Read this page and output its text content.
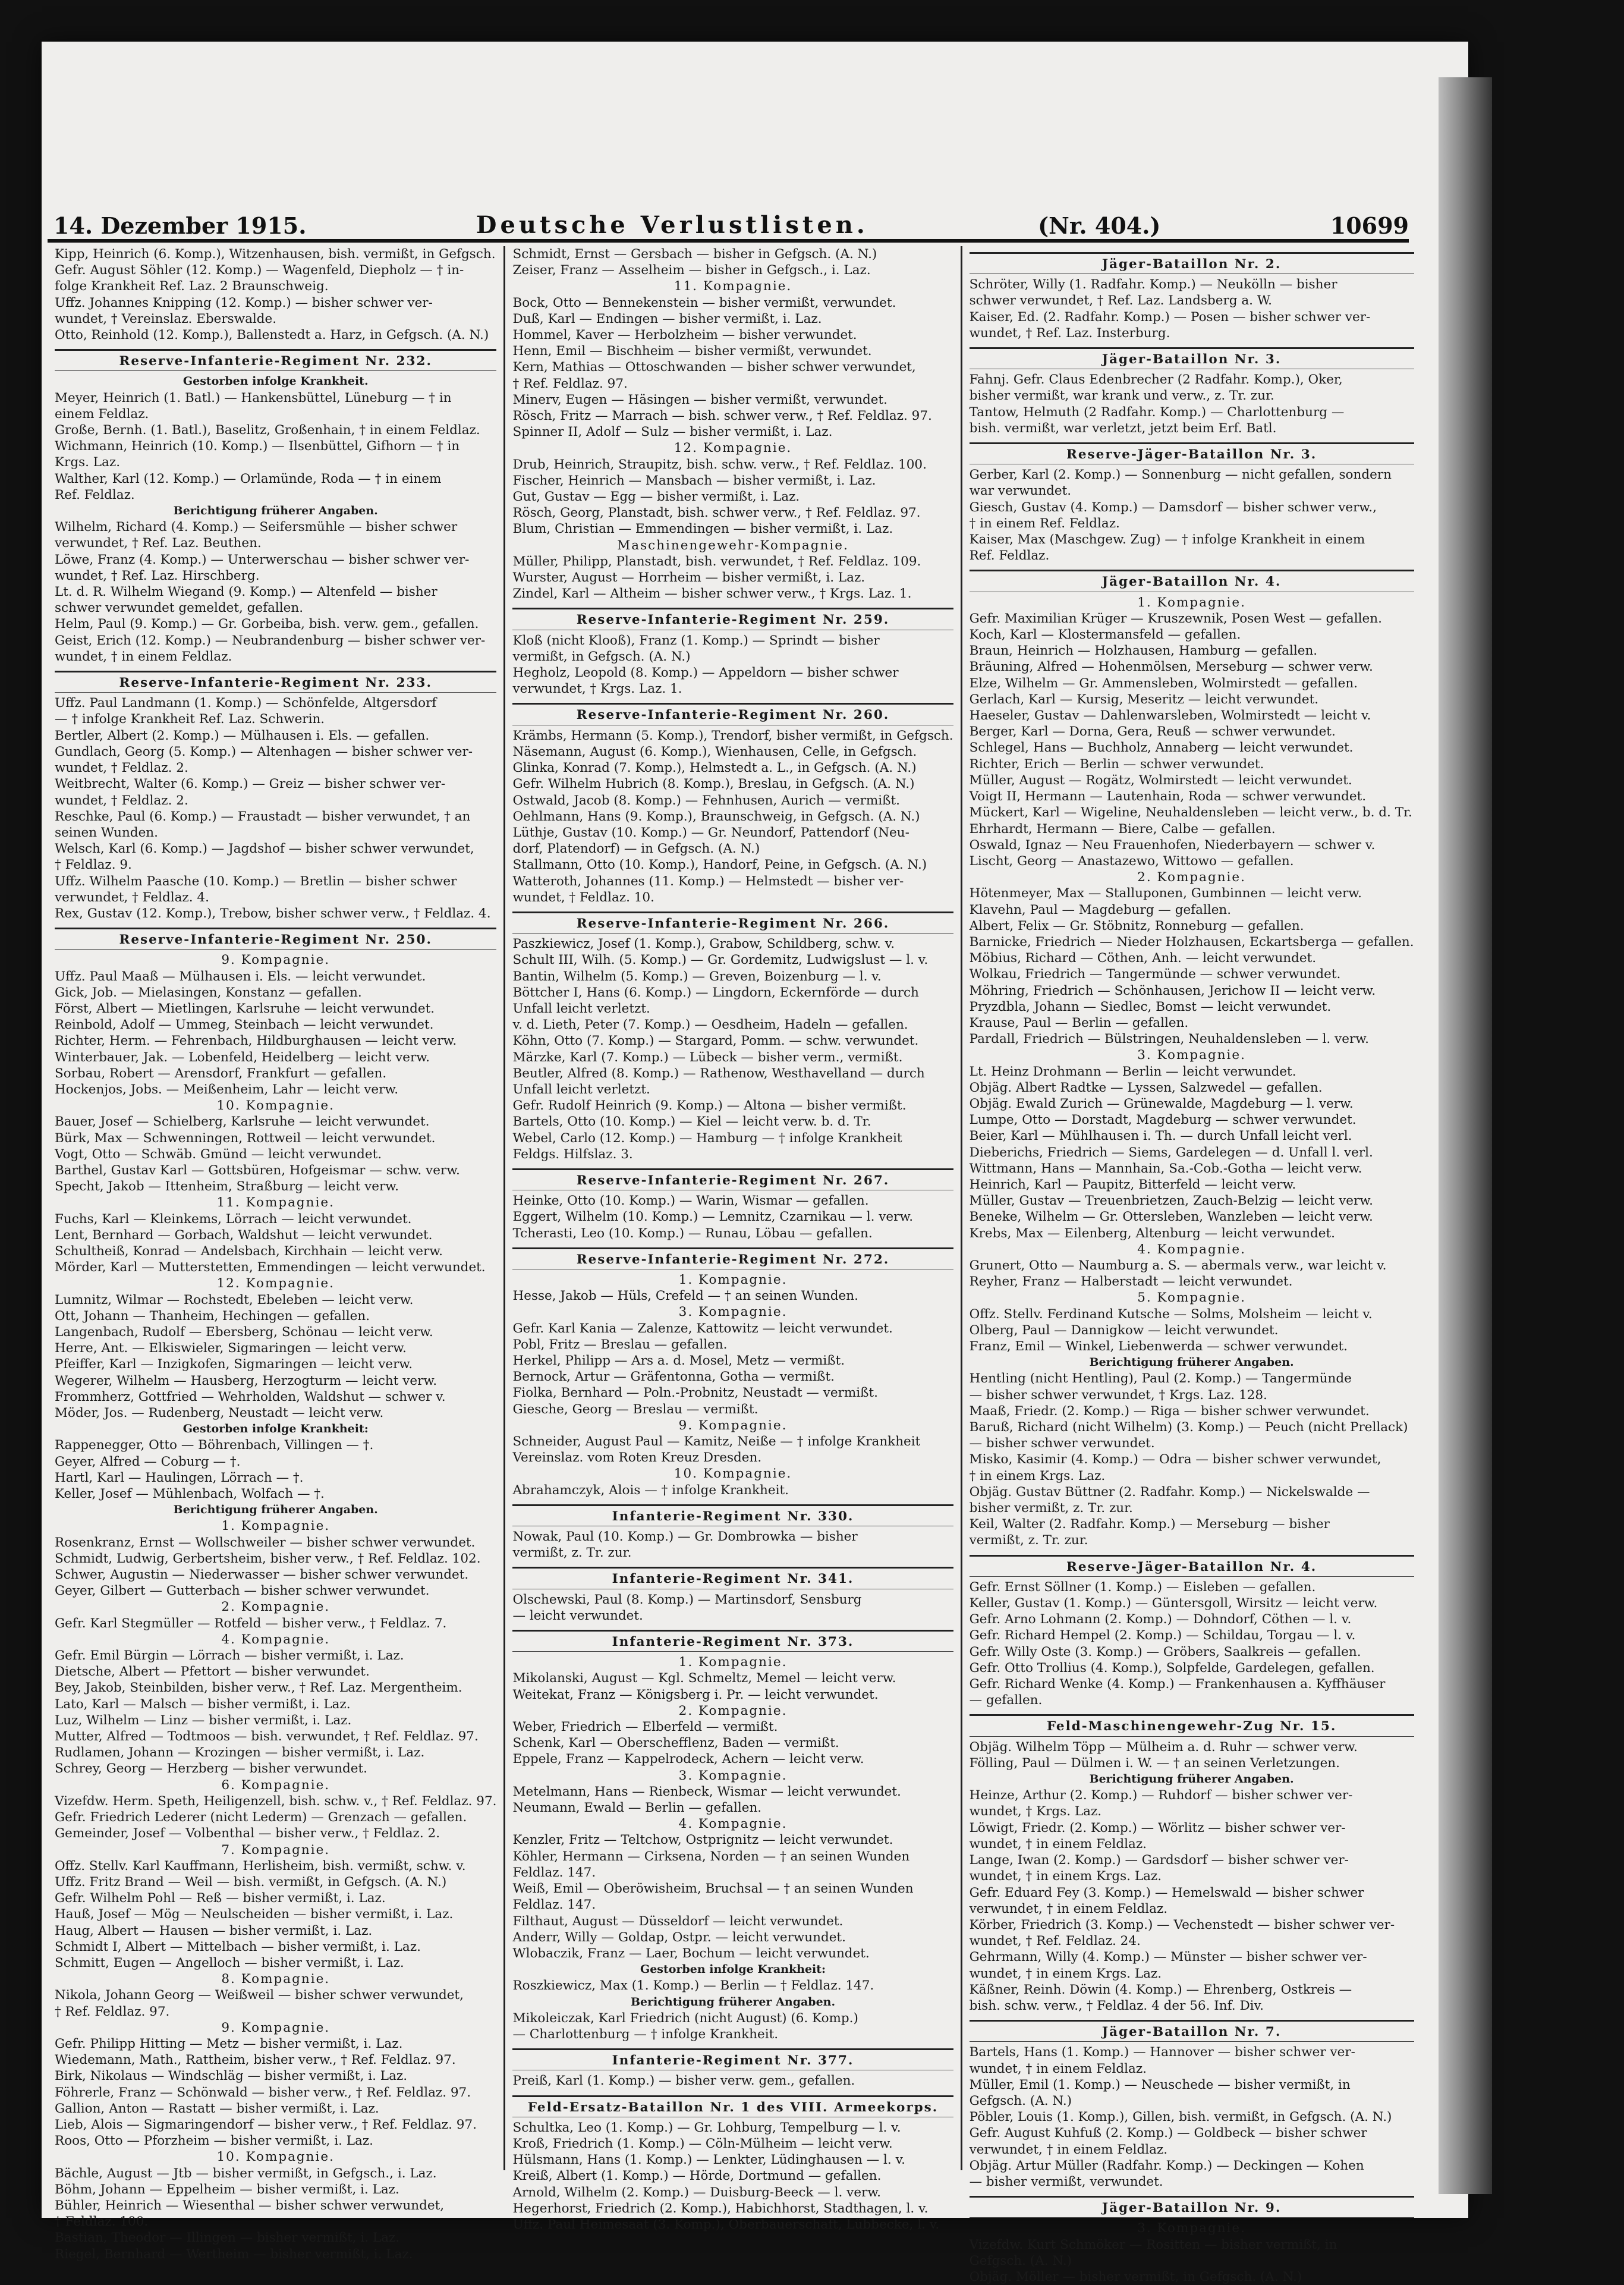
14. Dezember 1915.	Deutsche Verlustlisten.	(Nr. 404.)	10699
Kipp, Heinrich (6. Komp.), Witzenhausen, bish. vermißt, in Gefgsch.
Gefr. August Söhler (12. Komp.) — Wagenfeld, Diepholz — † in-
folge Krankheit Ref. Laz. 2 Braunschweig.
Uffz. Johannes Knipping (12. Komp.) — bisher schwer ver-
wundet, † Vereinslaz. Eberswalde.
Otto, Reinhold (12. Komp.), Ballenstedt a. Harz, in Gefgsch. (A. N.)
Reserve-Infanterie-Regiment Nr. 232.
Gestorben infolge Krankheit.
Meyer, Heinrich (1. Batl.) — Hankensbüttel, Lüneburg — † in
einem Feldlaz.
Große, Bernh. (1. Batl.), Baselitz, Großenhain, † in einem Feldlaz.
Wichmann, Heinrich (10. Komp.) — Ilsenbüttel, Gifhorn — † in
Krgs. Laz.
Walther, Karl (12. Komp.) — Orlamünde, Roda — † in einem
Ref. Feldlaz.
Berichtigung früherer Angaben.
Wilhelm, Richard (4. Komp.) — Seifersmühle — bisher schwer
verwundet, † Ref. Laz. Beuthen.
Löwe, Franz (4. Komp.) — Unterwerschau — bisher schwer ver-
wundet, † Ref. Laz. Hirschberg.
Lt. d. R. Wilhelm Wiegand (9. Komp.) — Altenfeld — bisher
schwer verwundet gemeldet, gefallen.
Helm, Paul (9. Komp.) — Gr. Gorbeiba, bish. verw. gem., gefallen.
Geist, Erich (12. Komp.) — Neubrandenburg — bisher schwer ver-
wundet, † in einem Feldlaz.
Reserve-Infanterie-Regiment Nr. 233.
Uffz. Paul Landmann (1. Komp.) — Schönfelde, Altgersdorf
— † infolge Krankheit Ref. Laz. Schwerin.
Bertler, Albert (2. Komp.) — Mülhausen i. Els. — gefallen.
Gundlach, Georg (5. Komp.) — Altenhagen — bisher schwer ver-
wundet, † Feldlaz. 2.
Weitbrecht, Walter (6. Komp.) — Greiz — bisher schwer ver-
wundet, † Feldlaz. 2.
Reschke, Paul (6. Komp.) — Fraustadt — bisher verwundet, † an
seinen Wunden.
Welsch, Karl (6. Komp.) — Jagdshof — bisher schwer verwundet,
† Feldlaz. 9.
Uffz. Wilhelm Paasche (10. Komp.) — Bretlin — bisher schwer
verwundet, † Feldlaz. 4.
Rex, Gustav (12. Komp.), Trebow, bisher schwer verw., † Feldlaz. 4.
Reserve-Infanterie-Regiment Nr. 250.
9. Kompagnie.
Uffz. Paul Maaß — Mülhausen i. Els. — leicht verwundet.
Gick, Job. — Mielasingen, Konstanz — gefallen.
Först, Albert — Mietlingen, Karlsruhe — leicht verwundet.
Reinbold, Adolf — Ummeg, Steinbach — leicht verwundet.
Richter, Herm. — Fehrenbach, Hildburghausen — leicht verw.
Winterbauer, Jak. — Lobenfeld, Heidelberg — leicht verw.
Sorbau, Robert — Arensdorf, Frankfurt — gefallen.
Hockenjos, Jobs. — Meißenheim, Lahr — leicht verw.
10. Kompagnie.
Bauer, Josef — Schielberg, Karlsruhe — leicht verwundet.
Bürk, Max — Schwenningen, Rottweil — leicht verwundet.
Vogt, Otto — Schwäb. Gmünd — leicht verwundet.
Barthel, Gustav Karl — Gottsbüren, Hofgeismar — schw. verw.
Specht, Jakob — Ittenheim, Straßburg — leicht verw.
11. Kompagnie.
Fuchs, Karl — Kleinkems, Lörrach — leicht verwundet.
Lent, Bernhard — Gorbach, Waldshut — leicht verwundet.
Schultheiß, Konrad — Andelsbach, Kirchhain — leicht verw.
Mörder, Karl — Mutterstetten, Emmendingen — leicht verwundet.
12. Kompagnie.
Lumnitz, Wilmar — Rochstedt, Ebeleben — leicht verw.
Ott, Johann — Thanheim, Hechingen — gefallen.
Langenbach, Rudolf — Ebersberg, Schönau — leicht verw.
Herre, Ant. — Elkiswieler, Sigmaringen — leicht verw.
Pfeiffer, Karl — Inzigkofen, Sigmaringen — leicht verw.
Wegerer, Wilhelm — Hausberg, Herzogturm — leicht verw.
Frommherz, Gottfried — Wehrholden, Waldshut — schwer v.
Möder, Jos. — Rudenberg, Neustadt — leicht verw.
Gestorben infolge Krankheit:
Rappenegger, Otto — Böhrenbach, Villingen — †.
Geyer, Alfred — Coburg — †.
Hartl, Karl — Haulingen, Lörrach — †.
Keller, Josef — Mühlenbach, Wolfach — †.
Berichtigung früherer Angaben.
1. Kompagnie.
Rosenkranz, Ernst — Wollschweiler — bisher schwer verwundet.
Schmidt, Ludwig, Gerbertsheim, bisher verw., † Ref. Feldlaz. 102.
Schwer, Augustin — Niederwasser — bisher schwer verwundet.
Geyer, Gilbert — Gutterbach — bisher schwer verwundet.
2. Kompagnie.
Gefr. Karl Stegmüller — Rotfeld — bisher verw., † Feldlaz. 7.
4. Kompagnie.
Gefr. Emil Bürgin — Lörrach — bisher vermißt, i. Laz.
Dietsche, Albert — Pfettort — bisher verwundet.
Bey, Jakob, Steinbilden, bisher verw., † Ref. Laz. Mergentheim.
Lato, Karl — Malsch — bisher vermißt, i. Laz.
Luz, Wilhelm — Linz — bisher vermißt, i. Laz.
Mutter, Alfred — Todtmoos — bish. verwundet, † Ref. Feldlaz. 97.
Rudlamen, Johann — Krozingen — bisher vermißt, i. Laz.
Schrey, Georg — Herzberg — bisher verwundet.
6. Kompagnie.
Vizefdw. Herm. Speth, Heiligenzell, bish. schw. v., † Ref. Feldlaz. 97.
Gefr. Friedrich Lederer (nicht Lederm) — Grenzach — gefallen.
Gemeinder, Josef — Volbenthal — bisher verw., † Feldlaz. 2.
7. Kompagnie.
Offz. Stellv. Karl Kauffmann, Herlisheim, bish. vermißt, schw. v.
Uffz. Fritz Brand — Weil — bish. vermißt, in Gefgsch. (A. N.)
Gefr. Wilhelm Pohl — Reß — bisher vermißt, i. Laz.
Hauß, Josef — Mög — Neulscheiden — bisher vermißt, i. Laz.
Haug, Albert — Hausen — bisher vermißt, i. Laz.
Schmidt I, Albert — Mittelbach — bisher vermißt, i. Laz.
Schmitt, Eugen — Angelloch — bisher vermißt, i. Laz.
8. Kompagnie.
Nikola, Johann Georg — Weißweil — bisher schwer verwundet,
† Ref. Feldlaz. 97.
9. Kompagnie.
Gefr. Philipp Hitting — Metz — bisher vermißt, i. Laz.
Wiedemann, Math., Rattheim, bisher verw., † Ref. Feldlaz. 97.
Birk, Nikolaus — Windschläg — bisher vermißt, i. Laz.
Föhrerle, Franz — Schönwald — bisher verw., † Ref. Feldlaz. 97.
Gallion, Anton — Rastatt — bisher vermißt, i. Laz.
Lieb, Alois — Sigmaringendorf — bisher verw., † Ref. Feldlaz. 97.
Roos, Otto — Pforzheim — bisher vermißt, i. Laz.
10. Kompagnie.
Bächle, August — Jtb — bisher vermißt, in Gefgsch., i. Laz.
Böhm, Johann — Eppelheim — bisher vermißt, i. Laz.
Bühler, Heinrich — Wiesenthal — bisher schwer verwundet,
† Feldlaz. 100.
Bastian, Theodor — Illingen — bisher vermißt, i. Laz.
Riegel, Bernhard — Wertheim — bisher vermißt, i. Laz.
Schmidt, Ernst — Gersbach — bisher in Gefgsch. (A. N.)
Zeiser, Franz — Asselheim — bisher in Gefgsch., i. Laz.
11. Kompagnie.
Bock, Otto — Bennekenstein — bisher vermißt, verwundet.
Duß, Karl — Endingen — bisher vermißt, i. Laz.
Hommel, Kaver — Herbolzheim — bisher verwundet.
Henn, Emil — Bischheim — bisher vermißt, verwundet.
Kern, Mathias — Ottoschwanden — bisher schwer verwundet,
† Ref. Feldlaz. 97.
Minerv, Eugen — Häsingen — bisher vermißt, verwundet.
Rösch, Fritz — Marrach — bish. schwer verw., † Ref. Feldlaz. 97.
Spinner II, Adolf — Sulz — bisher vermißt, i. Laz.
12. Kompagnie.
Drub, Heinrich, Straupitz, bish. schw. verw., † Ref. Feldlaz. 100.
Fischer, Heinrich — Mansbach — bisher vermißt, i. Laz.
Gut, Gustav — Egg — bisher vermißt, i. Laz.
Rösch, Georg, Planstadt, bish. schwer verw., † Ref. Feldlaz. 97.
Blum, Christian — Emmendingen — bisher vermißt, i. Laz.
Maschinengewehr-Kompagnie.
Müller, Philipp, Planstadt, bish. verwundet, † Ref. Feldlaz. 109.
Wurster, August — Horrheim — bisher vermißt, i. Laz.
Zindel, Karl — Altheim — bisher schwer verw., † Krgs. Laz. 1.
Reserve-Infanterie-Regiment Nr. 259.
Kloß (nicht Klooß), Franz (1. Komp.) — Sprindt — bisher
vermißt, in Gefgsch. (A. N.)
Hegholz, Leopold (8. Komp.) — Appeldorn — bisher schwer
verwundet, † Krgs. Laz. 1.
Reserve-Infanterie-Regiment Nr. 260.
Krämbs, Hermann (5. Komp.), Trendorf, bisher vermißt, in Gefgsch.
Näsemann, August (6. Komp.), Wienhausen, Celle, in Gefgsch.
Glinka, Konrad (7. Komp.), Helmstedt a. L., in Gefgsch. (A. N.)
Gefr. Wilhelm Hubrich (8. Komp.), Breslau, in Gefgsch. (A. N.)
Ostwald, Jacob (8. Komp.) — Fehnhusen, Aurich — vermißt.
Oehlmann, Hans (9. Komp.), Braunschweig, in Gefgsch. (A. N.)
Lüthje, Gustav (10. Komp.) — Gr. Neundorf, Pattendorf (Neu-
dorf, Platendorf) — in Gefgsch. (A. N.)
Stallmann, Otto (10. Komp.), Handorf, Peine, in Gefgsch. (A. N.)
Watteroth, Johannes (11. Komp.) — Helmstedt — bisher ver-
wundet, † Feldlaz. 10.
Reserve-Infanterie-Regiment Nr. 266.
Paszkiewicz, Josef (1. Komp.), Grabow, Schildberg, schw. v.
Schult III, Wilh. (5. Komp.) — Gr. Gordemitz, Ludwigslust — l. v.
Bantin, Wilhelm (5. Komp.) — Greven, Boizenburg — l. v.
Böttcher I, Hans (6. Komp.) — Lingdorn, Eckernförde — durch
Unfall leicht verletzt.
v. d. Lieth, Peter (7. Komp.) — Oesdheim, Hadeln — gefallen.
Köhn, Otto (7. Komp.) — Stargard, Pomm. — schw. verwundet.
Märzke, Karl (7. Komp.) — Lübeck — bisher verm., vermißt.
Beutler, Alfred (8. Komp.) — Rathenow, Westhavelland — durch
Unfall leicht verletzt.
Gefr. Rudolf Heinrich (9. Komp.) — Altona — bisher vermißt.
Bartels, Otto (10. Komp.) — Kiel — leicht verw. b. d. Tr.
Webel, Carlo (12. Komp.) — Hamburg — † infolge Krankheit
Feldgs. Hilfslaz. 3.
Reserve-Infanterie-Regiment Nr. 267.
Heinke, Otto (10. Komp.) — Warin, Wismar — gefallen.
Eggert, Wilhelm (10. Komp.) — Lemnitz, Czarnikau — l. verw.
Tcherasti, Leo (10. Komp.) — Runau, Löbau — gefallen.
Reserve-Infanterie-Regiment Nr. 272.
1. Kompagnie.
Hesse, Jakob — Hüls, Crefeld — † an seinen Wunden.
3. Kompagnie.
Gefr. Karl Kania — Zalenze, Kattowitz — leicht verwundet.
Pobl, Fritz — Breslau — gefallen.
Herkel, Philipp — Ars a. d. Mosel, Metz — vermißt.
Bernock, Artur — Gräfentonna, Gotha — vermißt.
Fiolka, Bernhard — Poln.-Probnitz, Neustadt — vermißt.
Giesche, Georg — Breslau — vermißt.
9. Kompagnie.
Schneider, August Paul — Kamitz, Neiße — † infolge Krankheit
Vereinslaz. vom Roten Kreuz Dresden.
10. Kompagnie.
Abrahamczyk, Alois — † infolge Krankheit.
Infanterie-Regiment Nr. 330.
Nowak, Paul (10. Komp.) — Gr. Dombrowka — bisher
vermißt, z. Tr. zur.
Infanterie-Regiment Nr. 341.
Olschewski, Paul (8. Komp.) — Martinsdorf, Sensburg
— leicht verwundet.
Infanterie-Regiment Nr. 373.
1. Kompagnie.
Mikolanski, August — Kgl. Schmeltz, Memel — leicht verw.
Weitekat, Franz — Königsberg i. Pr. — leicht verwundet.
2. Kompagnie.
Weber, Friedrich — Elberfeld — vermißt.
Schenk, Karl — Oberschefflenz, Baden — vermißt.
Eppele, Franz — Kappelrodeck, Achern — leicht verw.
3. Kompagnie.
Metelmann, Hans — Rienbeck, Wismar — leicht verwundet.
Neumann, Ewald — Berlin — gefallen.
4. Kompagnie.
Kenzler, Fritz — Teltchow, Ostprignitz — leicht verwundet.
Köhler, Hermann — Cirksena, Norden — † an seinen Wunden
Feldlaz. 147.
Weiß, Emil — Oberöwisheim, Bruchsal — † an seinen Wunden
Feldlaz. 147.
Filthaut, August — Düsseldorf — leicht verwundet.
Anderr, Willy — Goldap, Ostpr. — leicht verwundet.
Wlobaczik, Franz — Laer, Bochum — leicht verwundet.
Gestorben infolge Krankheit:
Roszkiewicz, Max (1. Komp.) — Berlin — † Feldlaz. 147.
Berichtigung früherer Angaben.
Mikoleiczak, Karl Friedrich (nicht August) (6. Komp.)
— Charlottenburg — † infolge Krankheit.
Infanterie-Regiment Nr. 377.
Preiß, Karl (1. Komp.) — bisher verw. gem., gefallen.
Feld-Ersatz-Bataillon Nr. 1 des VIII. Armeekorps.
Schultka, Leo (1. Komp.) — Gr. Lohburg, Tempelburg — l. v.
Kroß, Friedrich (1. Komp.) — Cöln-Mülheim — leicht verw.
Hülsmann, Hans (1. Komp.) — Lenkter, Lüdinghausen — l. v.
Kreiß, Albert (1. Komp.) — Hörde, Dortmund — gefallen.
Arnold, Wilhelm (2. Komp.) — Duisburg-Beeck — l. verw.
Hegerhorst, Friedrich (2. Komp.), Habichhorst, Stadthagen, l. v.
Uffz. Paul Heimesaat (3. Komp.), Oberbauerschaft, Lübbecke, l. v.
Jäger-Bataillon Nr. 2.
Schröter, Willy (1. Radfahr. Komp.) — Neukölln — bisher
schwer verwundet, † Ref. Laz. Landsberg a. W.
Kaiser, Ed. (2. Radfahr. Komp.) — Posen — bisher schwer ver-
wundet, † Ref. Laz. Insterburg.
Jäger-Bataillon Nr. 3.
Fahnj. Gefr. Claus Edenbrecher (2 Radfahr. Komp.), Oker,
bisher vermißt, war krank und verw., z. Tr. zur.
Tantow, Helmuth (2 Radfahr. Komp.) — Charlottenburg —
bish. vermißt, war verletzt, jetzt beim Erf. Batl.
Reserve-Jäger-Bataillon Nr. 3.
Gerber, Karl (2. Komp.) — Sonnenburg — nicht gefallen, sondern
war verwundet.
Giesch, Gustav (4. Komp.) — Damsdorf — bisher schwer verw.,
† in einem Ref. Feldlaz.
Kaiser, Max (Maschgew. Zug) — † infolge Krankheit in einem
Ref. Feldlaz.
Jäger-Bataillon Nr. 4.
1. Kompagnie.
Gefr. Maximilian Krüger — Kruszewnik, Posen West — gefallen.
Koch, Karl — Klostermansfeld — gefallen.
Braun, Heinrich — Holzhausen, Hamburg — gefallen.
Bräuning, Alfred — Hohenmölsen, Merseburg — schwer verw.
Elze, Wilhelm — Gr. Ammensleben, Wolmirstedt — gefallen.
Gerlach, Karl — Kursig, Meseritz — leicht verwundet.
Haeseler, Gustav — Dahlenwarsleben, Wolmirstedt — leicht v.
Berger, Karl — Dorna, Gera, Reuß — schwer verwundet.
Schlegel, Hans — Buchholz, Annaberg — leicht verwundet.
Richter, Erich — Berlin — schwer verwundet.
Müller, August — Rogätz, Wolmirstedt — leicht verwundet.
Voigt II, Hermann — Lautenhain, Roda — schwer verwundet.
Mückert, Karl — Wigeline, Neuhaldensleben — leicht verw., b. d. Tr.
Ehrhardt, Hermann — Biere, Calbe — gefallen.
Oswald, Ignaz — Neu Frauenhofen, Niederbayern — schwer v.
Lischt, Georg — Anastazewo, Wittowo — gefallen.
2. Kompagnie.
Hötenmeyer, Max — Stalluponen, Gumbinnen — leicht verw.
Klavehn, Paul — Magdeburg — gefallen.
Albert, Felix — Gr. Stöbnitz, Ronneburg — gefallen.
Barnicke, Friedrich — Nieder Holzhausen, Eckartsberga — gefallen.
Möbius, Richard — Cöthen, Anh. — leicht verwundet.
Wolkau, Friedrich — Tangermünde — schwer verwundet.
Möhring, Friedrich — Schönhausen, Jerichow II — leicht verw.
Pryzdbla, Johann — Siedlec, Bomst — leicht verwundet.
Krause, Paul — Berlin — gefallen.
Pardall, Friedrich — Bülstringen, Neuhaldensleben — l. verw.
3. Kompagnie.
Lt. Heinz Drohmann — Berlin — leicht verwundet.
Objäg. Albert Radtke — Lyssen, Salzwedel — gefallen.
Objäg. Ewald Zurich — Grünewalde, Magdeburg — l. verw.
Lumpe, Otto — Dorstadt, Magdeburg — schwer verwundet.
Beier, Karl — Mühlhausen i. Th. — durch Unfall leicht verl.
Dieberichs, Friedrich — Siems, Gardelegen — d. Unfall l. verl.
Wittmann, Hans — Mannhain, Sa.-Cob.-Gotha — leicht verw.
Heinrich, Karl — Paupitz, Bitterfeld — leicht verw.
Müller, Gustav — Treuenbrietzen, Zauch-Belzig — leicht verw.
Beneke, Wilhelm — Gr. Ottersleben, Wanzleben — leicht verw.
Krebs, Max — Eilenberg, Altenburg — leicht verwundet.
4. Kompagnie.
Grunert, Otto — Naumburg a. S. — abermals verw., war leicht v.
Reyher, Franz — Halberstadt — leicht verwundet.
5. Kompagnie.
Offz. Stellv. Ferdinand Kutsche — Solms, Molsheim — leicht v.
Olberg, Paul — Dannigkow — leicht verwundet.
Franz, Emil — Winkel, Liebenwerda — schwer verwundet.
Berichtigung früherer Angaben.
Hentling (nicht Hentling), Paul (2. Komp.) — Tangermünde
— bisher schwer verwundet, † Krgs. Laz. 128.
Maaß, Friedr. (2. Komp.) — Riga — bisher schwer verwundet.
Baruß, Richard (nicht Wilhelm) (3. Komp.) — Peuch (nicht Prellack)
— bisher schwer verwundet.
Misko, Kasimir (4. Komp.) — Odra — bisher schwer verwundet,
† in einem Krgs. Laz.
Objäg. Gustav Büttner (2. Radfahr. Komp.) — Nickelswalde —
bisher vermißt, z. Tr. zur.
Keil, Walter (2. Radfahr. Komp.) — Merseburg — bisher
vermißt, z. Tr. zur.
Reserve-Jäger-Bataillon Nr. 4.
Gefr. Ernst Söllner (1. Komp.) — Eisleben — gefallen.
Keller, Gustav (1. Komp.) — Güntersgoll, Wirsitz — leicht verw.
Gefr. Arno Lohmann (2. Komp.) — Dohndorf, Cöthen — l. v.
Gefr. Richard Hempel (2. Komp.) — Schildau, Torgau — l. v.
Gefr. Willy Oste (3. Komp.) — Gröbers, Saalkreis — gefallen.
Gefr. Otto Trollius (4. Komp.), Solpfelde, Gardelegen, gefallen.
Gefr. Richard Wenke (4. Komp.) — Frankenhausen a. Kyffhäuser
— gefallen.
Feld-Maschinengewehr-Zug Nr. 15.
Objäg. Wilhelm Töpp — Mülheim a. d. Ruhr — schwer verw.
Fölling, Paul — Dülmen i. W. — † an seinen Verletzungen.
Berichtigung früherer Angaben.
Heinze, Arthur (2. Komp.) — Ruhdorf — bisher schwer ver-
wundet, † Krgs. Laz.
Löwigt, Friedr. (2. Komp.) — Wörlitz — bisher schwer ver-
wundet, † in einem Feldlaz.
Lange, Iwan (2. Komp.) — Gardsdorf — bisher schwer ver-
wundet, † in einem Krgs. Laz.
Gefr. Eduard Fey (3. Komp.) — Hemelswald — bisher schwer
verwundet, † in einem Feldlaz.
Körber, Friedrich (3. Komp.) — Vechenstedt — bisher schwer ver-
wundet, † Ref. Feldlaz. 24.
Gehrmann, Willy (4. Komp.) — Münster — bisher schwer ver-
wundet, † in einem Krgs. Laz.
Käßner, Reinh. Döwin (4. Komp.) — Ehrenberg, Ostkreis —
bish. schw. verw., † Feldlaz. 4 der 56. Inf. Div.
Jäger-Bataillon Nr. 7.
Bartels, Hans (1. Komp.) — Hannover — bisher schwer ver-
wundet, † in einem Feldlaz.
Müller, Emil (1. Komp.) — Neuschede — bisher vermißt, in
Gefgsch. (A. N.)
Pöbler, Louis (1. Komp.), Gillen, bish. vermißt, in Gefgsch. (A. N.)
Gefr. August Kuhfuß (2. Komp.) — Goldbeck — bisher schwer
verwundet, † in einem Feldlaz.
Objäg. Artur Müller (Radfahr. Komp.) — Deckingen — Kohen
— bisher vermißt, verwundet.
Jäger-Bataillon Nr. 9.
3. Kompagnie.
Vizefdw. Kurt Schmöker — Rositten — bisher vermißt, in
Gefgsch. (A. N.)
Objäg. Möller — bisher vermißt, in Gefgsch. (A. N.)
